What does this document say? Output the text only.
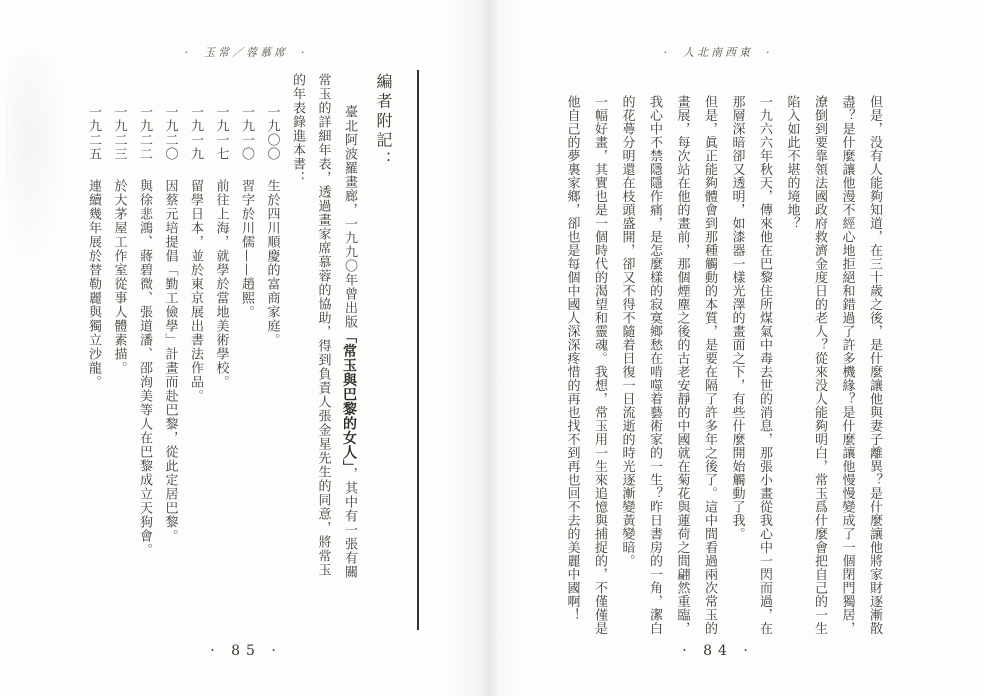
·  玉常／蓉慕席  ·
編者附記：
臺北阿波羅畫廊，一九九〇年曾出版「常玉與巴黎的女人」，其中有一張有關
常玉的詳細年表，透過畫家席慕蓉的協助，得到負責人張金星先生的同意，將常玉
的年表錄進本書：
一九〇〇生於四川順慶的富商家庭。
一九一〇習字於川儒——趙熙。
一九一七前往上海，就學於當地美術學校。
一九一九留學日本，並於東京展出書法作品。
一九二〇因蔡元培提倡「勤工儉學」計畫而赴巴黎，從此定居巴黎。
一九二二與徐悲鴻、蔣碧微、張道潘、邵洵美等人在巴黎成立天狗會。
一九二三於大茅屋工作室從事人體素描。
一九二五連續幾年展於替勒麗與獨立沙龍。
· 85 ·
·  人北南西東  ·
但是，没有人能夠知道，在三十歲之後，是什麼讓他與妻子離異？是什麼讓他將家財逐漸散
盡？是什麼讓他漫不經心地拒絕和錯過了許多機緣？是什麼讓他慢慢變成了一個閉門獨居，
潦倒到要靠領法國政府救濟金度日的老人？從來没人能夠明白，常玉爲什麼會把自己的一生
陷入如此不堪的境地？
一九六六年秋天，傳來他在巴黎住所煤氣中毒去世的消息，那張小畫從我心中一閃而過，在
那層深暗卻又透明，如漆器一樣光澤的畫面之下，有些什麼開始觸動了我。
但是，眞正能夠體會到那種觸動的本質，是要在隔了許多年之後了。這中間看過兩次常玉的
畫展，每次站在他的畫前，那個煙塵之後的古老安靜的中國就在菊花與蓮荷之間翩然重臨，
我心中不禁隱隱作痛，是怎麼樣的寂寞鄉愁在啃噬着藝術家的一生？昨日書房的一角，潔白
的花蕚分明還在枝頭盛開，卻又不得不隨着日復一日流逝的時光逐漸變黃變暗。
一幅好畫，其實也是一個時代的渴望和靈魂。我想，常玉用一生來追憶與捕捉的，不僅僅是
他自己的夢裏家鄉，卻也是每個中國人深深疼惜的再也找不到再也回不去的美麗中國啊！
· 84 ·
